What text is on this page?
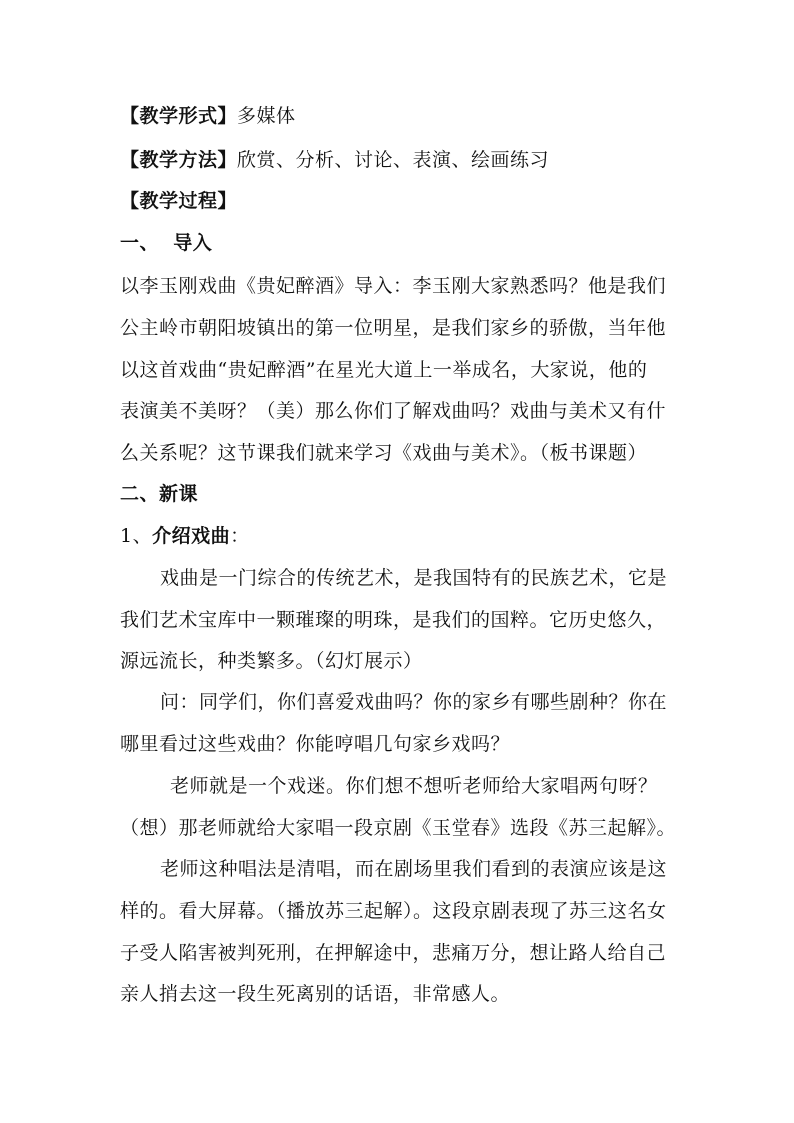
【教学形式】多媒体
【教学方法】欣赏、分析、讨论、表演、绘画练习
【教学过程】
一、  导入
以李玉刚戏曲《贵妃醉酒》导入：李玉刚大家熟悉吗？他是我们
公主岭市朝阳坡镇出的第一位明星，是我们家乡的骄傲，当年他
以这首戏曲“贵妃醉酒”在星光大道上一举成名，大家说，他的
表演美不美呀？（美）那么你们了解戏曲吗？戏曲与美术又有什
么关系呢？这节课我们就来学习《戏曲与美术》。（板书课题）
二、新课
1、介绍戏曲：
戏曲是一门综合的传统艺术，是我国特有的民族艺术，它是
我们艺术宝库中一颗璀璨的明珠，是我们的国粹。它历史悠久，
源远流长，种类繁多。（幻灯展示）
问：同学们，你们喜爱戏曲吗？你的家乡有哪些剧种？你在
哪里看过这些戏曲？你能哼唱几句家乡戏吗？
老师就是一个戏迷。你们想不想听老师给大家唱两句呀？
（想）那老师就给大家唱一段京剧《玉堂春》选段《苏三起解》。
老师这种唱法是清唱，而在剧场里我们看到的表演应该是这
样的。看大屏幕。（播放苏三起解）。这段京剧表现了苏三这名女
子受人陷害被判死刑，在押解途中，悲痛万分，想让路人给自己
亲人捎去这一段生死离别的话语，非常感人。
